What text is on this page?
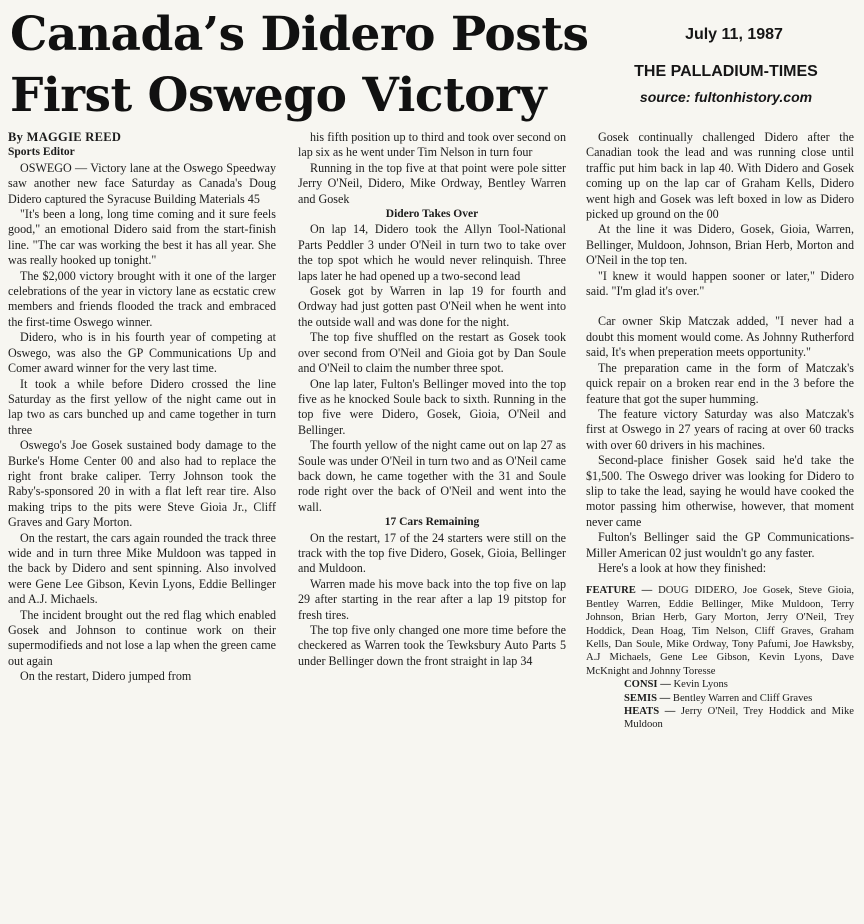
Canada’s Didero Posts
First Oswego Victory
July 11, 1987
THE PALLADIUM-TIMES
source: fultonhistory.com

By MAGGIE REED

Sports Editor

OSWEGO — Victory lane at the Oswego Speedway saw another new face Saturday as Canada's Doug Didero captured the Syracuse Building Materials 45

"It's been a long, long time coming and it sure feels good," an emotional Didero said from the start-finish line. "The car was working the best it has all year. She was really hooked up tonight."

The $2,000 victory brought with it one of the larger celebrations of the year in victory lane as ecstatic crew members and friends flooded the track and embraced the first-time Oswego winner.

Didero, who is in his fourth year of competing at Oswego, was also the GP Communications Up and Comer award winner for the very last time.

It took a while before Didero crossed the line Saturday as the first yellow of the night came out in lap two as cars bunched up and came together in turn three

Oswego's Joe Gosek sustained body damage to the Burke's Home Center 00 and also had to replace the right front brake caliper. Terry Johnson took the Raby's-sponsored 20 in with a flat left rear tire. Also making trips to the pits were Steve Gioia Jr., Cliff Graves and Gary Morton.

On the restart, the cars again rounded the track three wide and in turn three Mike Muldoon was tapped in the back by Didero and sent spinning. Also involved were Gene Lee Gibson, Kevin Lyons, Eddie Bellinger and A.J. Michaels.

The incident brought out the red flag which enabled Gosek and Johnson to continue work on their supermodifieds and not lose a lap when the green came out again

On the restart, Didero jumped from

his fifth position up to third and took over second on lap six as he went under Tim Nelson in turn four

Running in the top five at that point were pole sitter Jerry O'Neil, Didero, Mike Ordway, Bentley Warren and Gosek

Didero Takes Over

On lap 14, Didero took the Allyn Tool-National Parts Peddler 3 under O'Neil in turn two to take over the top spot which he would never relinquish. Three laps later he had opened up a two-second lead

Gosek got by Warren in lap 19 for fourth and Ordway had just gotten past O'Neil when he went into the outside wall and was done for the night.

The top five shuffled on the restart as Gosek took over second from O'Neil and Gioia got by Dan Soule and O'Neil to claim the number three spot.

One lap later, Fulton's Bellinger moved into the top five as he knocked Soule back to sixth. Running in the top five were Didero, Gosek, Gioia, O'Neil and Bellinger.

The fourth yellow of the night came out on lap 27 as Soule was under O'Neil in turn two and as O'Neil came back down, he came together with the 31 and Soule rode right over the back of O'Neil and went into the wall.

17 Cars Remaining

On the restart, 17 of the 24 starters were still on the track with the top five Didero, Gosek, Gioia, Bellinger and Muldoon.

Warren made his move back into the top five on lap 29 after starting in the rear after a lap 19 pitstop for fresh tires.

The top five only changed one more time before the checkered as Warren took the Tewksbury Auto Parts 5 under Bellinger down the front straight in lap 34

Gosek continually challenged Didero after the Canadian took the lead and was running close until traffic put him back in lap 40. With Didero and Gosek coming up on the lap car of Graham Kells, Didero went high and Gosek was left boxed in low as Didero picked up ground on the 00

At the line it was Didero, Gosek, Gioia, Warren, Bellinger, Muldoon, Johnson, Brian Herb, Morton and O'Neil in the top ten.

"I knew it would happen sooner or later," Didero said. "I'm glad it's over."

Car owner Skip Matczak added, "I never had a doubt this moment would come. As Johnny Rutherford said, It's when preperation meets opportunity."

The preparation came in the form of Matczak's quick repair on a broken rear end in the 3 before the feature that got the super humming.

The feature victory Saturday was also Matczak's first at Oswego in 27 years of racing at over 60 tracks with over 60 drivers in his machines.

Second-place finisher Gosek said he'd take the $1,500. The Oswego driver was looking for Didero to slip to take the lead, saying he would have cooked the motor passing him otherwise, however, that moment never came

Fulton's Bellinger said the GP Communications-Miller American 02 just wouldn't go any faster.

Here's a look at how they finished:

FEATURE — DOUG DIDERO, Joe Gosek, Steve Gioia, Bentley Warren, Eddie Bellinger, Mike Muldoon, Terry Johnson, Brian Herb, Gary Morton, Jerry O'Neil, Trey Hoddick, Dean Hoag, Tim Nelson, Cliff Graves, Graham Kells, Dan Soule, Mike Ordway, Tony Pafumi, Joe Hawksby, A.J Michaels, Gene Lee Gibson, Kevin Lyons, Dave McKnight and Johnny Toresse

CONSI — Kevin Lyons

SEMIS — Bentley Warren and Cliff Graves

HEATS — Jerry O'Neil, Trey Hoddick and Mike Muldoon
